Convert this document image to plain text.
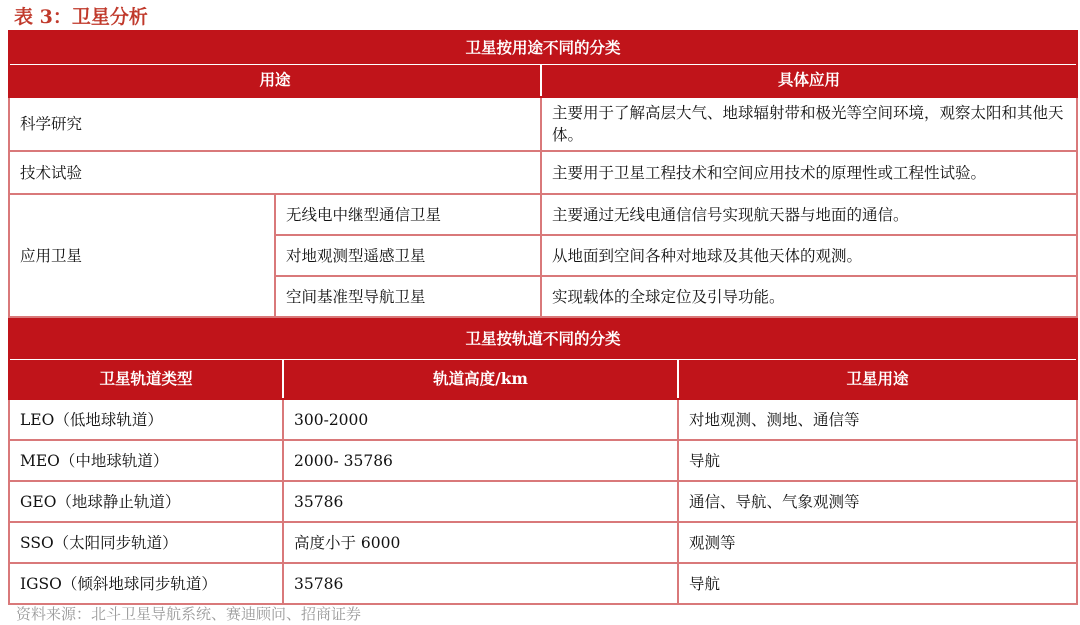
表 3：卫星分析
卫星按用途不同的分类		
用途		具体应用
科学研究		主要用于了解高层大气、地球辐射带和极光等空间环境，观察太阳和其他天体。
技术试验		主要用于卫星工程技术和空间应用技术的原理性或工程性试验。
应用卫星	无线电中继型通信卫星	主要通过无线电通信信号实现航天器与地面的通信。
	对地观测型遥感卫星	从地面到空间各种对地球及其他天体的观测。
	空间基准型导航卫星	实现载体的全球定位及引导功能。
卫星按轨道不同的分类		
卫星轨道类型	轨道高度/km	卫星用途
LEO（低地球轨道）	300-2000	对地观测、测地、通信等
MEO（中地球轨道）	2000- 35786	导航
GEO（地球静止轨道）	35786	通信、导航、气象观测等
SSO（太阳同步轨道）	高度小于 6000	观测等
IGSO（倾斜地球同步轨道）	35786	导航
资料来源：北斗卫星导航系统、赛迪顾问、招商证券
